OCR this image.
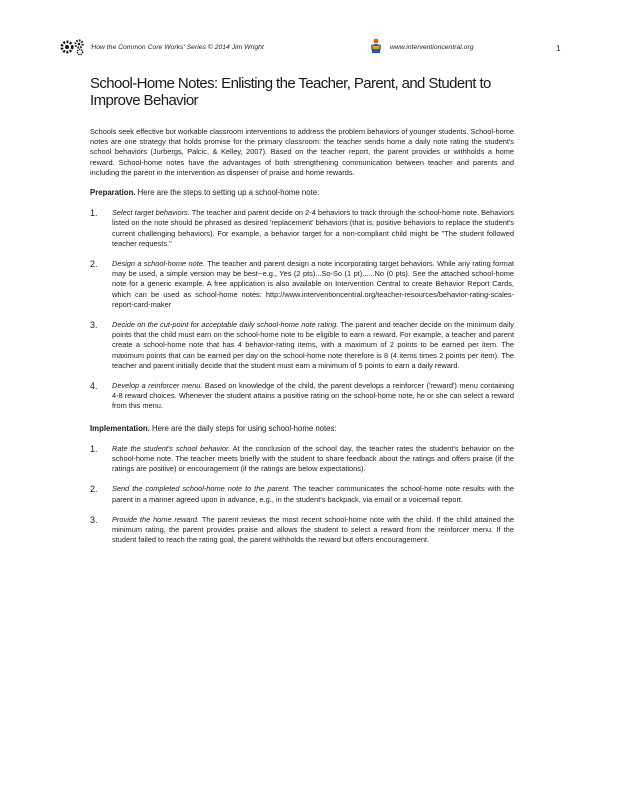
'How the Common Core Works' Series © 2014 Jim Wright	www.interventioncentral.org	1
School-Home Notes: Enlisting the Teacher, Parent, and Student to Improve Behavior

Schools seek effective but workable classroom interventions to address the problem behaviors of younger students. School-home notes are one strategy that holds promise for the primary classroom: the teacher sends home a daily note rating the student's school behaviors (Jurbergs, Palcic, & Kelley, 2007). Based on the teacher report, the parent provides or withholds a home reward. School-home notes have the advantages of both strengthening communication between teacher and parents and including the parent in the intervention as dispenser of praise and home rewards.

Preparation. Here are the steps to setting up a school-home note:

1. Select target behaviors. The teacher and parent decide on 2-4 behaviors to track through the school-home note. Behaviors listed on the note should be phrased as desired 'replacement' behaviors (that is, positive behaviors to replace the student's current challenging behaviors). For example, a behavior target for a non-compliant child might be "The student followed teacher requests."
2. Design a school-home note. The teacher and parent design a note incorporating target behaviors. While any rating format may be used, a simple version may be best--e.g., Yes (2 pts)...So-So (1 pt)......No (0 pts). See the attached school-home note for a generic example. A free application is also available on Intervention Central to create Behavior Report Cards, which can be used as school-home notes: http://www.interventioncentral.org/teacher-resources/behavior-rating-scales-report-card-maker
3. Decide on the cut-point for acceptable daily school-home note rating. The parent and teacher decide on the minimum daily points that the child must earn on the school-home note to be eligible to earn a reward. For example, a teacher and parent create a school-home note that has 4 behavior-rating items, with a maximum of 2 points to be earned per item. The maximum points that can be earned per day on the school-home note therefore is 8 (4 items times 2 points per item). The teacher and parent initially decide that the student must earn a minimum of 5 points to earn a daily reward.
4. Develop a reinforcer menu. Based on knowledge of the child, the parent develops a reinforcer ('reward') menu containing 4-8 reward choices. Whenever the student attains a positive rating on the school-home note, he or she can select a reward from this menu.

Implementation. Here are the daily steps for using school-home notes:

1. Rate the student's school behavior. At the conclusion of the school day, the teacher rates the student's behavior on the school-home note. The teacher meets briefly with the student to share feedback about the ratings and offers praise (if the ratings are positive) or encouragement (if the ratings are below expectations).
2. Send the completed school-home note to the parent. The teacher communicates the school-home note results with the parent in a manner agreed upon in advance, e.g., in the student's backpack, via email or a voicemail report.
3. Provide the home reward. The parent reviews the most recent school-home note with the child. If the child attained the minimum rating, the parent provides praise and allows the student to select a reward from the reinforcer menu. If the student failed to reach the rating goal, the parent withholds the reward but offers encouragement.
